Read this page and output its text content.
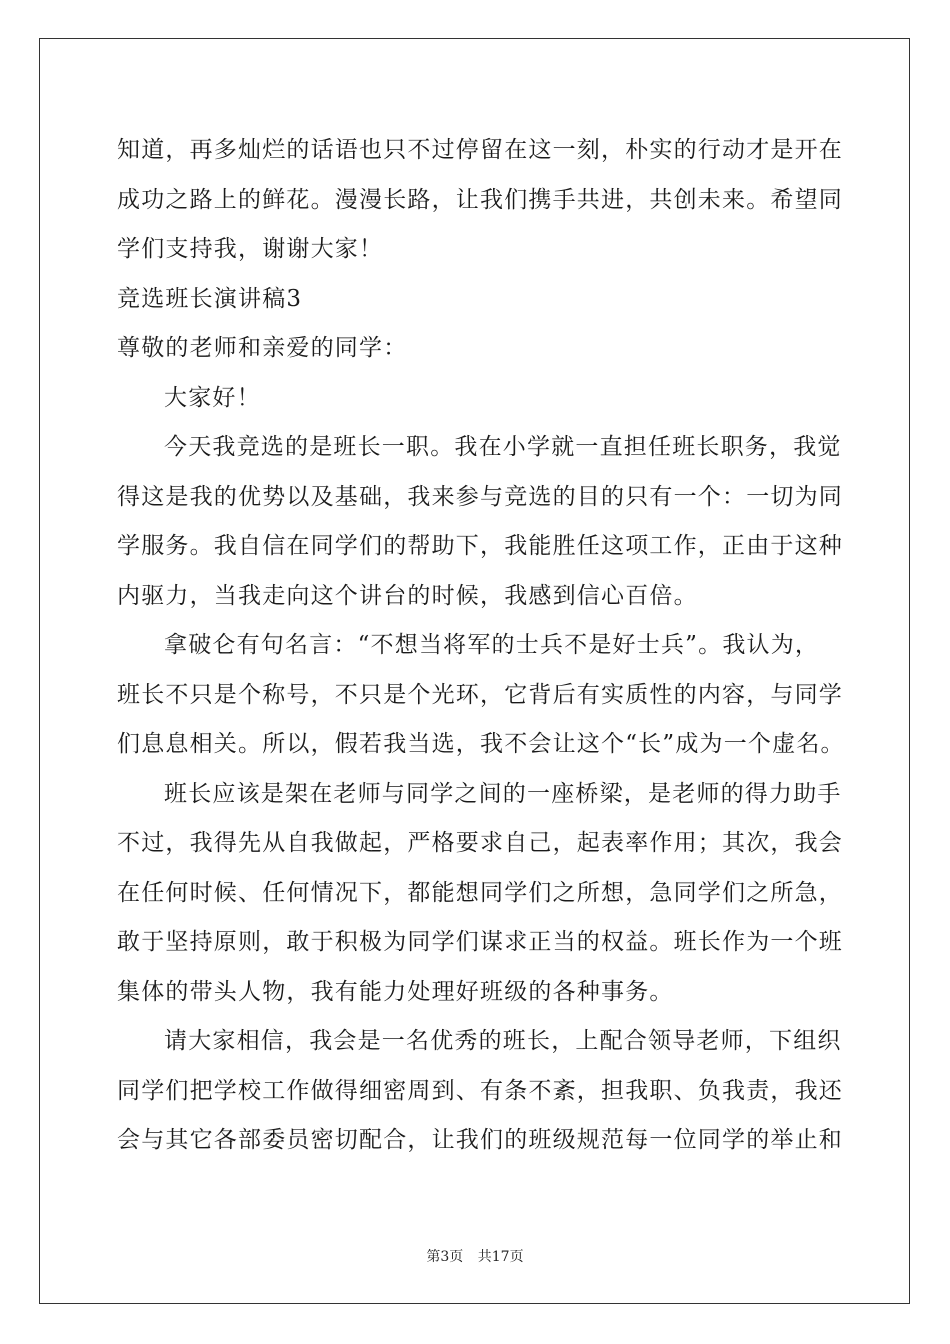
知道，再多灿烂的话语也只不过停留在这一刻，朴实的行动才是开在
成功之路上的鲜花。漫漫长路，让我们携手共进，共创未来。希望同
学们支持我，谢谢大家！
竞选班长演讲稿3
尊敬的老师和亲爱的同学：
大家好！
今天我竞选的是班长一职。我在小学就一直担任班长职务，我觉
得这是我的优势以及基础，我来参与竞选的目的只有一个：一切为同
学服务。我自信在同学们的帮助下，我能胜任这项工作，正由于这种
内驱力，当我走向这个讲台的时候，我感到信心百倍。
拿破仑有句名言：“不想当将军的士兵不是好士兵”。我认为，
班长不只是个称号，不只是个光环，它背后有实质性的内容，与同学
们息息相关。所以，假若我当选，我不会让这个“长”成为一个虚名。
班长应该是架在老师与同学之间的一座桥梁，是老师的得力助手
不过，我得先从自我做起，严格要求自己，起表率作用；其次，我会
在任何时候、任何情况下，都能想同学们之所想，急同学们之所急，
敢于坚持原则，敢于积极为同学们谋求正当的权益。班长作为一个班
集体的带头人物，我有能力处理好班级的各种事务。
请大家相信，我会是一名优秀的班长，上配合领导老师，下组织
同学们把学校工作做得细密周到、有条不紊，担我职、负我责，我还
会与其它各部委员密切配合，让我们的班级规范每一位同学的举止和
第3页 共17页
